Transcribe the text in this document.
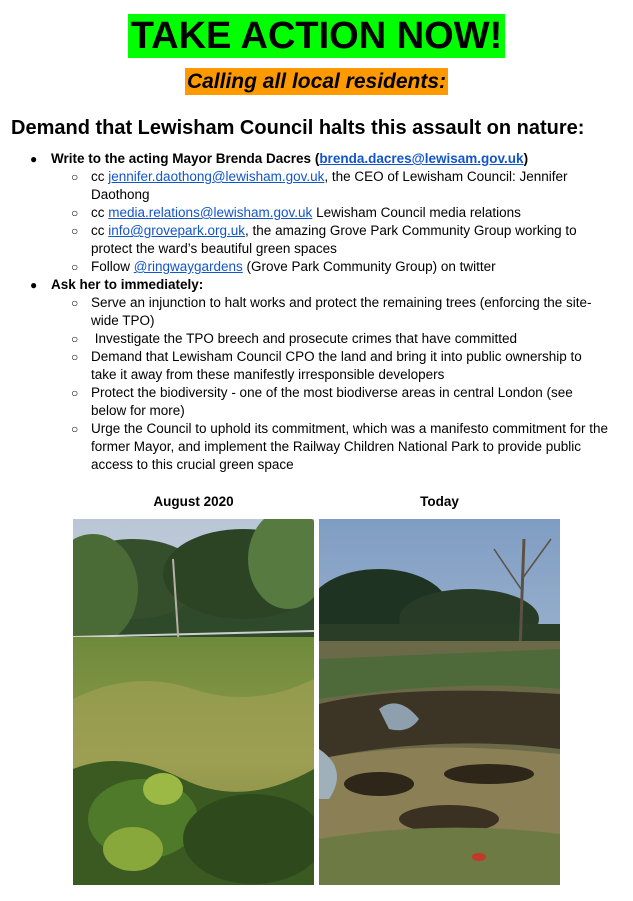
TAKE ACTION NOW!
Calling all local residents:
Demand that Lewisham Council halts this assault on nature:
● Write to the acting Mayor Brenda Dacres (brenda.dacres@lewisam.gov.uk)
○ cc jennifer.daothong@lewisham.gov.uk, the CEO of Lewisham Council: Jennifer Daothong
○ cc media.relations@lewisham.gov.uk Lewisham Council media relations
○ cc info@grovepark.org.uk, the amazing Grove Park Community Group working to protect the ward’s beautiful green spaces
○ Follow @ringwaygardens (Grove Park Community Group) on twitter
● Ask her to immediately:
○ Serve an injunction to halt works and protect the remaining trees (enforcing the site-wide TPO)
○ Investigate the TPO breech and prosecute crimes that have committed
○ Demand that Lewisham Council CPO the land and bring it into public ownership to take it away from these manifestly irresponsible developers
○ Protect the biodiversity - one of the most biodiverse areas in central London (see below for more)
○ Urge the Council to uphold its commitment, which was a manifesto commitment for the former Mayor, and implement the Railway Children National Park to provide public access to this crucial green space
August 2020	Today
